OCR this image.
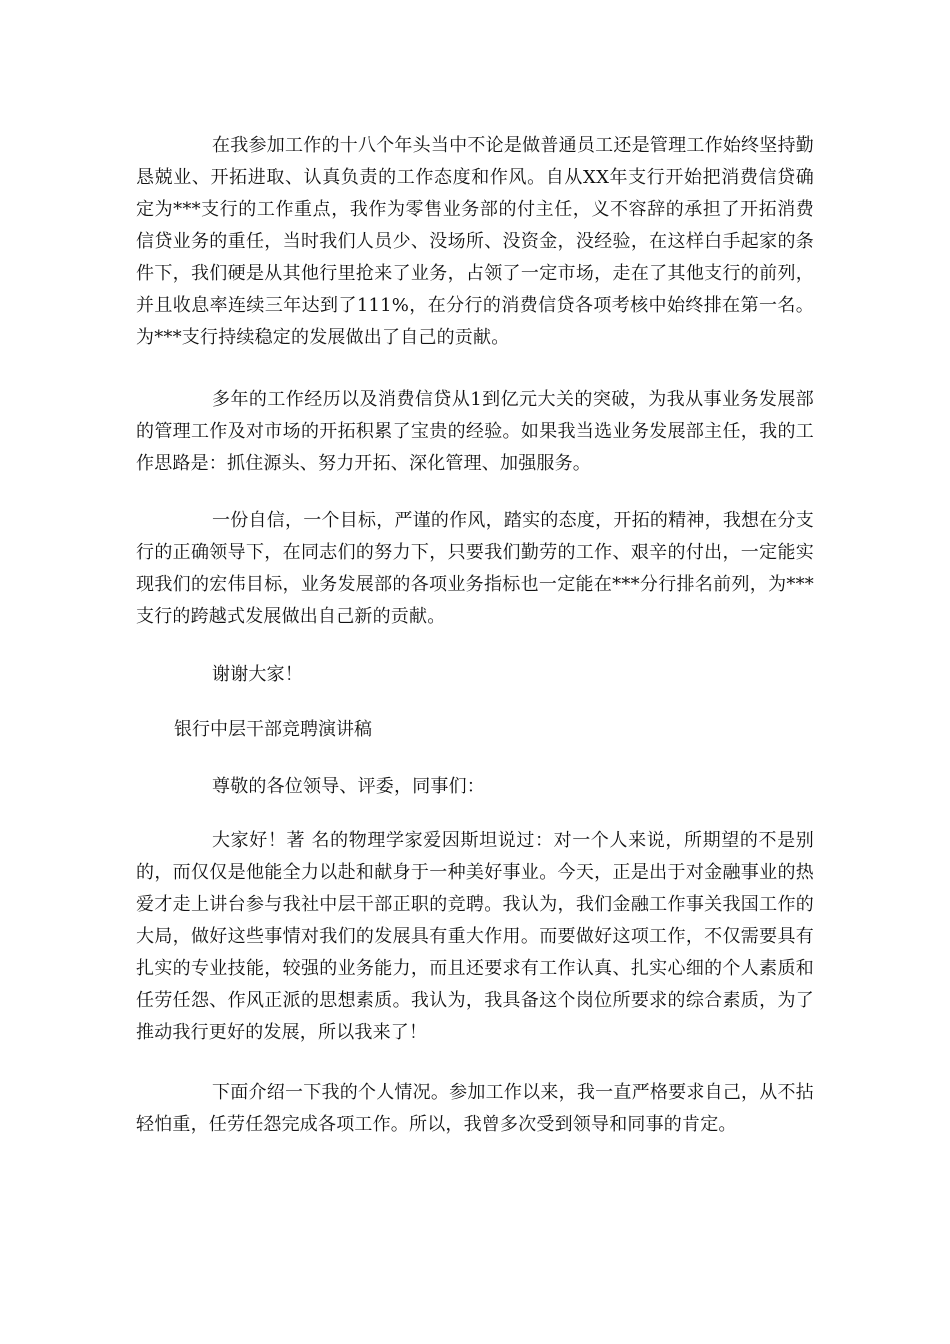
在我参加工作的十八个年头当中不论是做普通员工还是管理工作始终坚持勤恳兢业、开拓进取、认真负责的工作态度和作风。自从XX年支行开始把消费信贷确定为***支行的工作重点，我作为零售业务部的付主任，义不容辞的承担了开拓消费信贷业务的重任，当时我们人员少、没场所、没资金，没经验，在这样白手起家的条件下，我们硬是从其他行里抢来了业务，占领了一定市场，走在了其他支行的前列，并且收息率连续三年达到了111%，在分行的消费信贷各项考核中始终排在第一名。为***支行持续稳定的发展做出了自己的贡献。

多年的工作经历以及消费信贷从1到亿元大关的突破，为我从事业务发展部的管理工作及对市场的开拓积累了宝贵的经验。如果我当选业务发展部主任，我的工作思路是：抓住源头、努力开拓、深化管理、加强服务。

一份自信，一个目标，严谨的作风，踏实的态度，开拓的精神，我想在分支行的正确领导下，在同志们的努力下，只要我们勤劳的工作、艰辛的付出，一定能实现我们的宏伟目标，业务发展部的各项业务指标也一定能在***分行排名前列，为***支行的跨越式发展做出自己新的贡献。

谢谢大家！

银行中层干部竞聘演讲稿

尊敬的各位领导、评委，同事们：

大家好！著 名的物理学家爱因斯坦说过：对一个人来说，所期望的不是别的，而仅仅是他能全力以赴和献身于一种美好事业。今天，正是出于对金融事业的热爱才走上讲台参与我社中层干部正职的竞聘。我认为，我们金融工作事关我国工作的大局，做好这些事情对我们的发展具有重大作用。而要做好这项工作，不仅需要具有扎实的专业技能，较强的业务能力，而且还要求有工作认真、扎实心细的个人素质和任劳任怨、作风正派的思想素质。我认为，我具备这个岗位所要求的综合素质，为了推动我行更好的发展，所以我来了！

下面介绍一下我的个人情况。参加工作以来，我一直严格要求自己，从不拈轻怕重，任劳任怨完成各项工作。所以，我曾多次受到领导和同事的肯定。
